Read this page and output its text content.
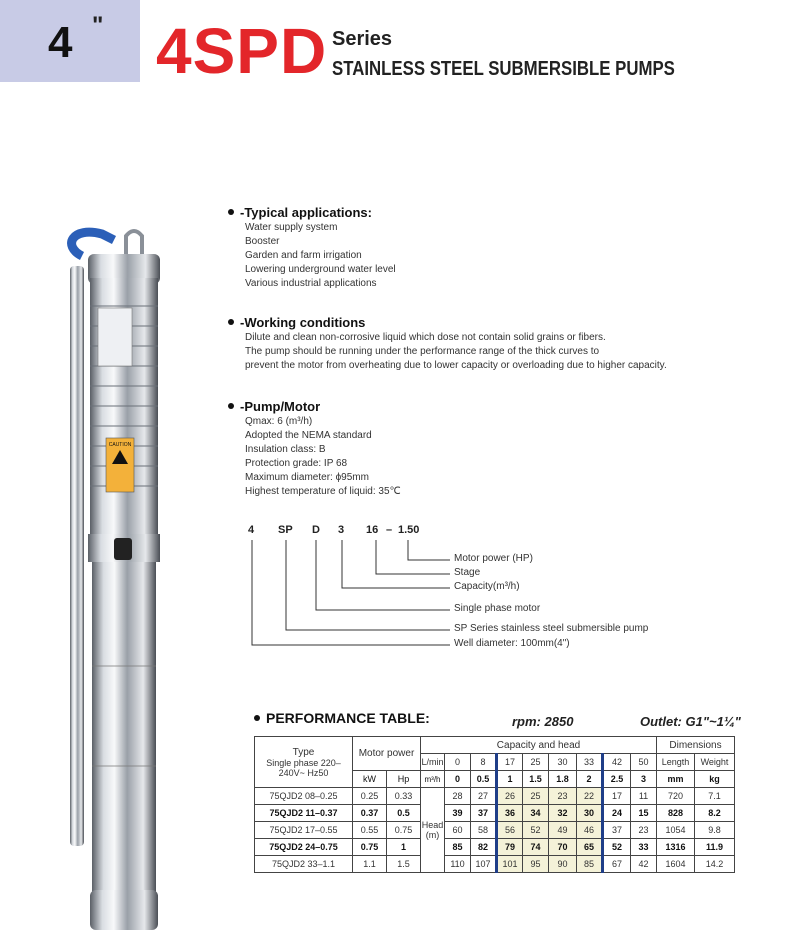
4 " 4SPD Series
STAINLESS STEEL SUBMERSIBLE PUMPS
CAUTION
-Typical applications:
Water supply system
Booster
Garden and farm irrigation
Lowering underground water level
Various industrial applications
-Working conditions
Dilute and clean non-corrosive liquid which dose not contain solid grains or fibers.
The pump should be running under the performance range of the thick curves to
prevent the motor from overheating due to lower capacity or overloading due to higher capacity.
-Pump/Motor
Qmax: 6 (m³/h)
Adopted the NEMA standard
Insulation class: B
Protection grade: IP 68
Maximum diameter: ϕ95mm
Highest temperature of liquid: 35℃
4 SP D 3 16 – 1.50
Motor power (HP)
Stage
Capacity(m³/h)
Single phase motor
SP Series stainless steel submersible pump
Well diameter: 100mm(4")
PERFORMANCE TABLE:	rpm: 2850	Outlet: G1"~1¼"
Type
Single phase 220–240V~ Hz50	Motor power		Capacity and head									Dimensions	
			L/min	0	8	17	25	30	33	42	50	Length	Weight
	kW	Hp	m³/h	0	0.5	1	1.5	1.8	2	2.5	3	mm	kg
75QJD2 08–0.25	0.25	0.33	Head (m)	28	27	26	25	23	22	17	11	720	7.1
75QJD2 11–0.37	0.37	0.5		39	37	36	34	32	30	24	15	828	8.2
75QJD2 17–0.55	0.55	0.75		60	58	56	52	49	46	37	23	1054	9.8
75QJD2 24–0.75	0.75	1		85	82	79	74	70	65	52	33	1316	11.9
75QJD2 33–1.1	1.1	1.5		110	107	101	95	90	85	67	42	1604	14.2
